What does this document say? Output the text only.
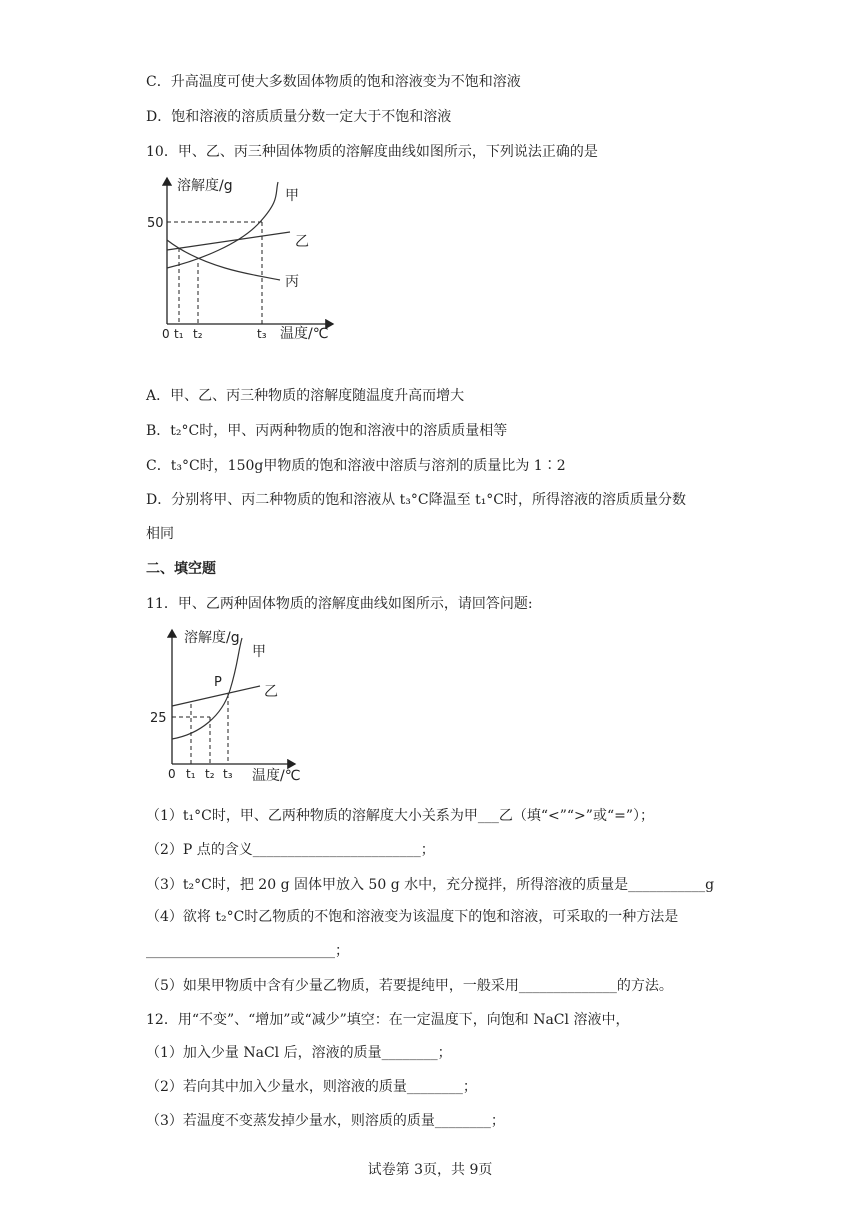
C．升高温度可使大多数固体物质的饱和溶液变为不饱和溶液
D．饱和溶液的溶质质量分数一定大于不饱和溶液
10．甲、乙、丙三种固体物质的溶解度曲线如图所示，下列说法正确的是
溶解度/g
50
甲
乙
丙
0 t₁ t₂	t₃ 温度/℃
A．甲、乙、丙三种物质的溶解度随温度升高而增大
B．t₂°C时，甲、丙两种物质的饱和溶液中的溶质质量相等
C．t₃°C时，150g甲物质的饱和溶液中溶质与溶剂的质量比为 1∶2
D．分别将甲、丙二种物质的饱和溶液从 t₃°C降温至 t₁°C时，所得溶液的溶质质量分数
相同
二、填空题
11．甲、乙两种固体物质的溶解度曲线如图所示，请回答问题:
溶解度/g
25
P
甲
乙
0 t₁ t₂ t₃ 温度/℃
（1）t₁°C时，甲、乙两种物质的溶解度大小关系为甲___乙（填“<”“>”或“=”）；
（2）P 点的含义________________________；
（3）t₂°C时，把 20 g 固体甲放入 50 g 水中，充分搅拌，所得溶液的质量是___________g
（4）欲将 t₂°C时乙物质的不饱和溶液变为该温度下的饱和溶液，可采取的一种方法是
___________________________；
（5）如果甲物质中含有少量乙物质，若要提纯甲，一般采用______________的方法。
12．用“不变”、“增加”或“减少”填空：在一定温度下，向饱和 NaCl 溶液中，
（1）加入少量 NaCl 后，溶液的质量________；
（2）若向其中加入少量水，则溶液的质量________；
（3）若温度不变蒸发掉少量水，则溶质的质量________；
试卷第 3页，共 9页
